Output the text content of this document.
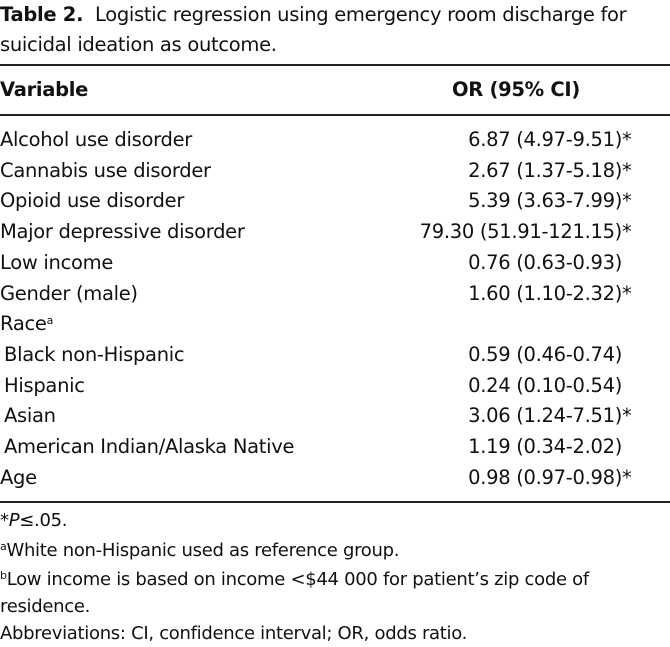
Table 2. Logistic regression using emergency room discharge for suicidal ideation as outcome.
Variable	OR (95% CI)
Alcohol use disorder	6.87 (4.97-9.51) *
Cannabis use disorder	2.67 (1.37-5.18) *
Opioid use disorder	5.39 (3.63-7.99) *
Major depressive disorder	79.30 (51.91-121.15) *
Low income	0.76 (0.63-0.93)
Gender (male)	1.60 (1.10-2.32) *
Race$^a$
Black non-Hispanic	0.59 (0.46-0.74)
Hispanic	0.24 (0.10-0.54)
Asian	3.06 (1.24-7.51) *
American Indian/Alaska Native	1.19 (0.34-2.02)
Age	0.98 (0.97-0.98) *
*P≤.05.
$^a$White non-Hispanic used as reference group.
$^b$Low income is based on income <$44 000 for patient’s zip code of
residence.
Abbreviations: CI, confidence interval; OR, odds ratio.
